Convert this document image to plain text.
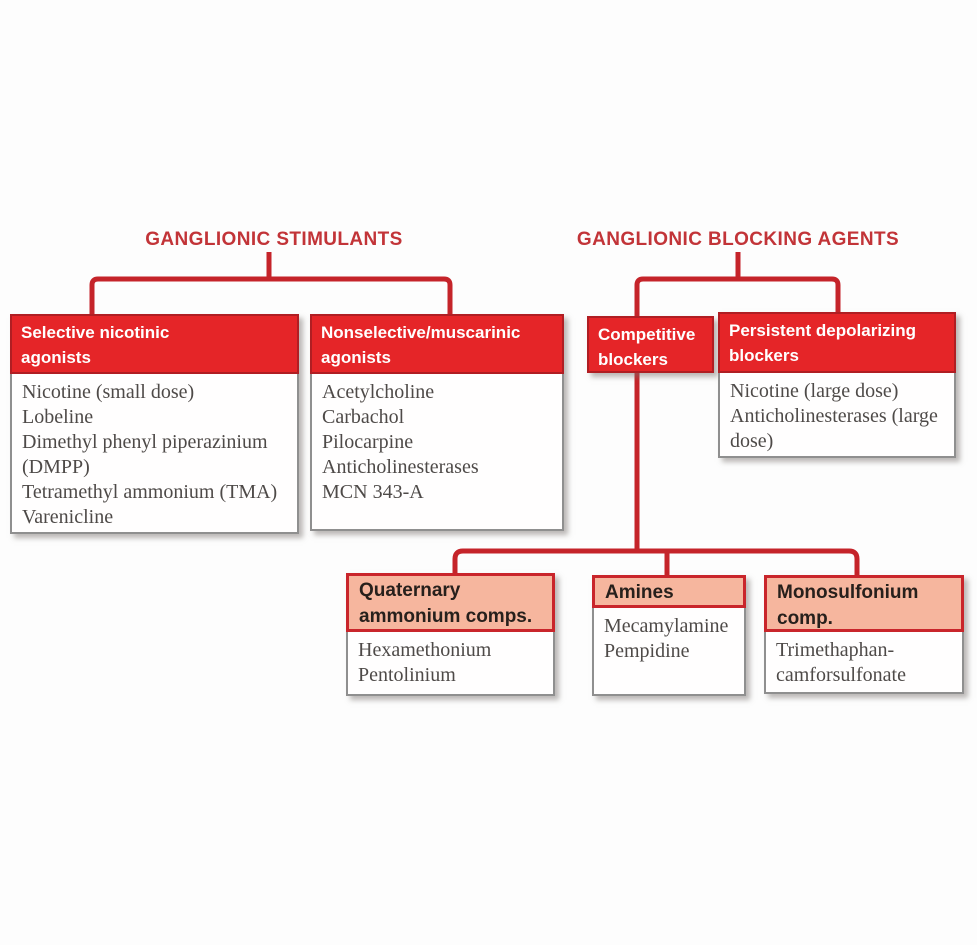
GANGLIONIC STIMULANTS	GANGLIONIC BLOCKING AGENTS
Selective nicotinic
agonists
Nicotine (small dose)
Lobeline
Dimethyl phenyl piperazinium (DMPP)
Tetramethyl ammonium (TMA)
Varenicline
Nonselective/muscarinic
agonists
Acetylcholine
Carbachol
Pilocarpine
Anticholinesterases
MCN 343-A
Competitive
blockers
Persistent depolarizing
blockers
Nicotine (large dose)
Anticholinesterases (large dose)
Quaternary
ammonium comps.
Hexamethonium
Pentolinium
Amines
Mecamylamine
Pempidine
Monosulfonium
comp.
Trimethaphan-camforsulfonate
